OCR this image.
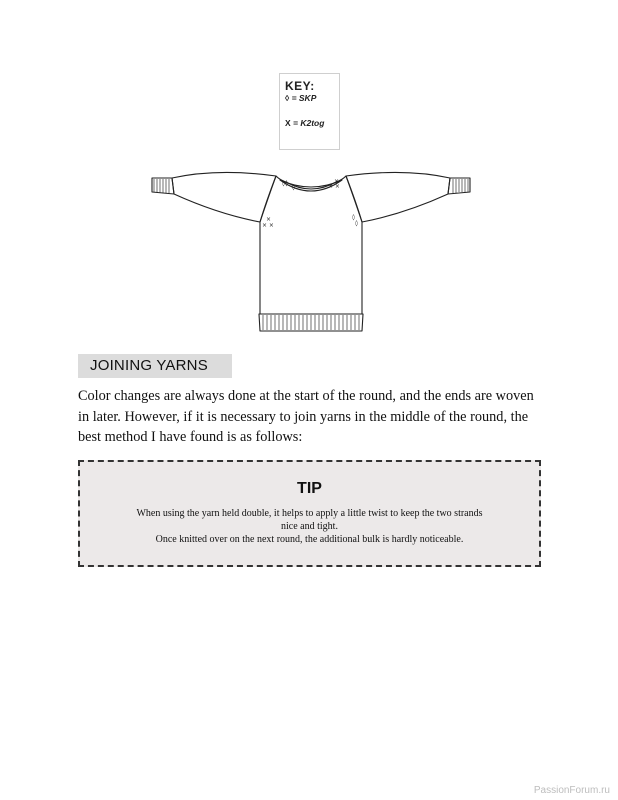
KEY:
◊ = SKP
X = K2tog
◊◊
◊	× ×
×
× ×
×	◊
◊
JOINING YARNS

Color changes are always done at the start of the round, and the ends are woven in later. However, if it is necessary to join yarns in the middle of the round, the best method I have found is as follows:

TIP
When using the yarn held double, it helps to apply a little twist to keep the two strands nice and tight.
Once knitted over on the next round, the additional bulk is hardly noticeable.
PassionForum.ru
